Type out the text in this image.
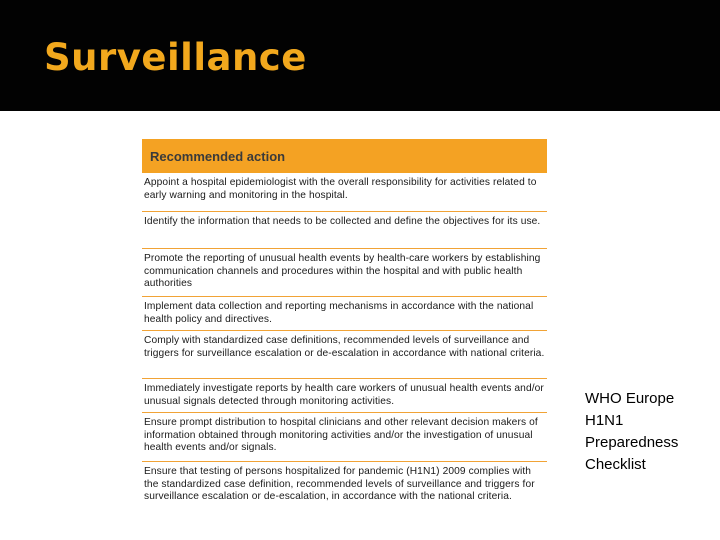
Surveillance
Recommended action
Appoint a hospital epidemiologist with the overall responsibility for activities related to early warning and monitoring in the hospital.
Identify the information that needs to be collected and define the objectives for its use.
Promote the reporting of unusual health events by health-care workers by establishing communication channels and procedures within the hospital and with public health authorities
Implement data collection and reporting mechanisms in accordance with the national health policy and directives.
Comply with standardized case definitions, recommended levels of surveillance and triggers for surveillance escalation or de-escalation in accordance with national criteria.
Immediately investigate reports by health care workers of unusual health events and/or unusual signals detected through monitoring activities.
Ensure prompt distribution to hospital clinicians and other relevant decision makers of information obtained through monitoring activities and/or the investigation of unusual health events and/or signals.
Ensure that testing of persons hospitalized for pandemic (H1N1) 2009 complies with the standardized case definition, recommended levels of surveillance and triggers for surveillance escalation or de-escalation, in accordance with the national criteria.
WHO Europe
H1N1
Preparedness
Checklist
